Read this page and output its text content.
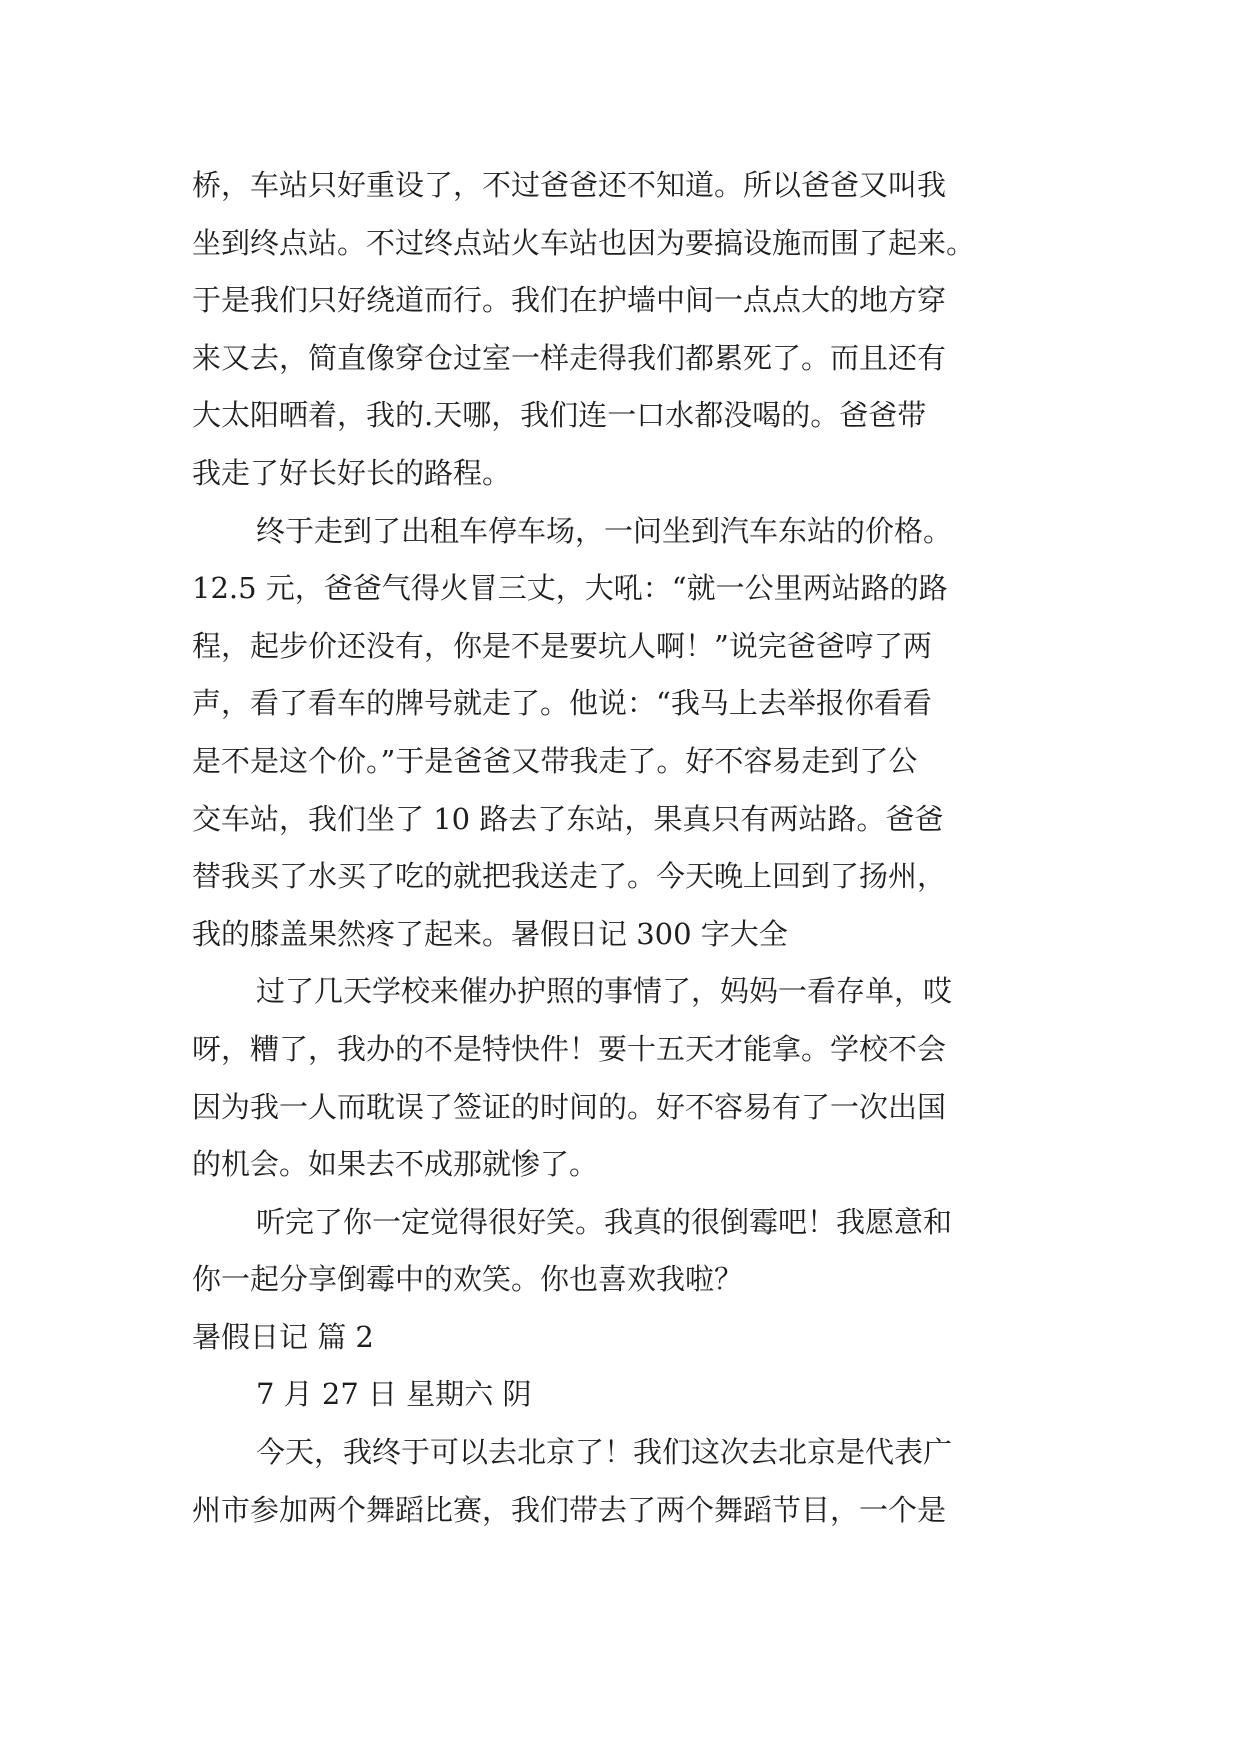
桥，车站只好重设了，不过爸爸还不知道。所以爸爸又叫我
坐到终点站。不过终点站火车站也因为要搞设施而围了起来。
于是我们只好绕道而行。我们在护墙中间一点点大的地方穿
来又去，简直像穿仓过室一样走得我们都累死了。而且还有
大太阳晒着，我的.天哪，我们连一口水都没喝的。爸爸带
我走了好长好长的路程。
终于走到了出租车停车场，一问坐到汽车东站的价格。
12.5 元，爸爸气得火冒三丈，大吼：“就一公里两站路的路
程，起步价还没有，你是不是要坑人啊！”说完爸爸哼了两
声，看了看车的牌号就走了。他说：“我马上去举报你看看
是不是这个价。”于是爸爸又带我走了。好不容易走到了公
交车站，我们坐了 10 路去了东站，果真只有两站路。爸爸
替我买了水买了吃的就把我送走了。今天晚上回到了扬州，
我的膝盖果然疼了起来。暑假日记 300 字大全
过了几天学校来催办护照的事情了，妈妈一看存单，哎
呀，糟了，我办的不是特快件！要十五天才能拿。学校不会
因为我一人而耽误了签证的时间的。好不容易有了一次出国
的机会。如果去不成那就惨了。
听完了你一定觉得很好笑。我真的很倒霉吧！我愿意和
你一起分享倒霉中的欢笑。你也喜欢我啦？
暑假日记 篇 2
7 月 27 日 星期六 阴
今天，我终于可以去北京了！我们这次去北京是代表广
州市参加两个舞蹈比赛，我们带去了两个舞蹈节目，一个是
